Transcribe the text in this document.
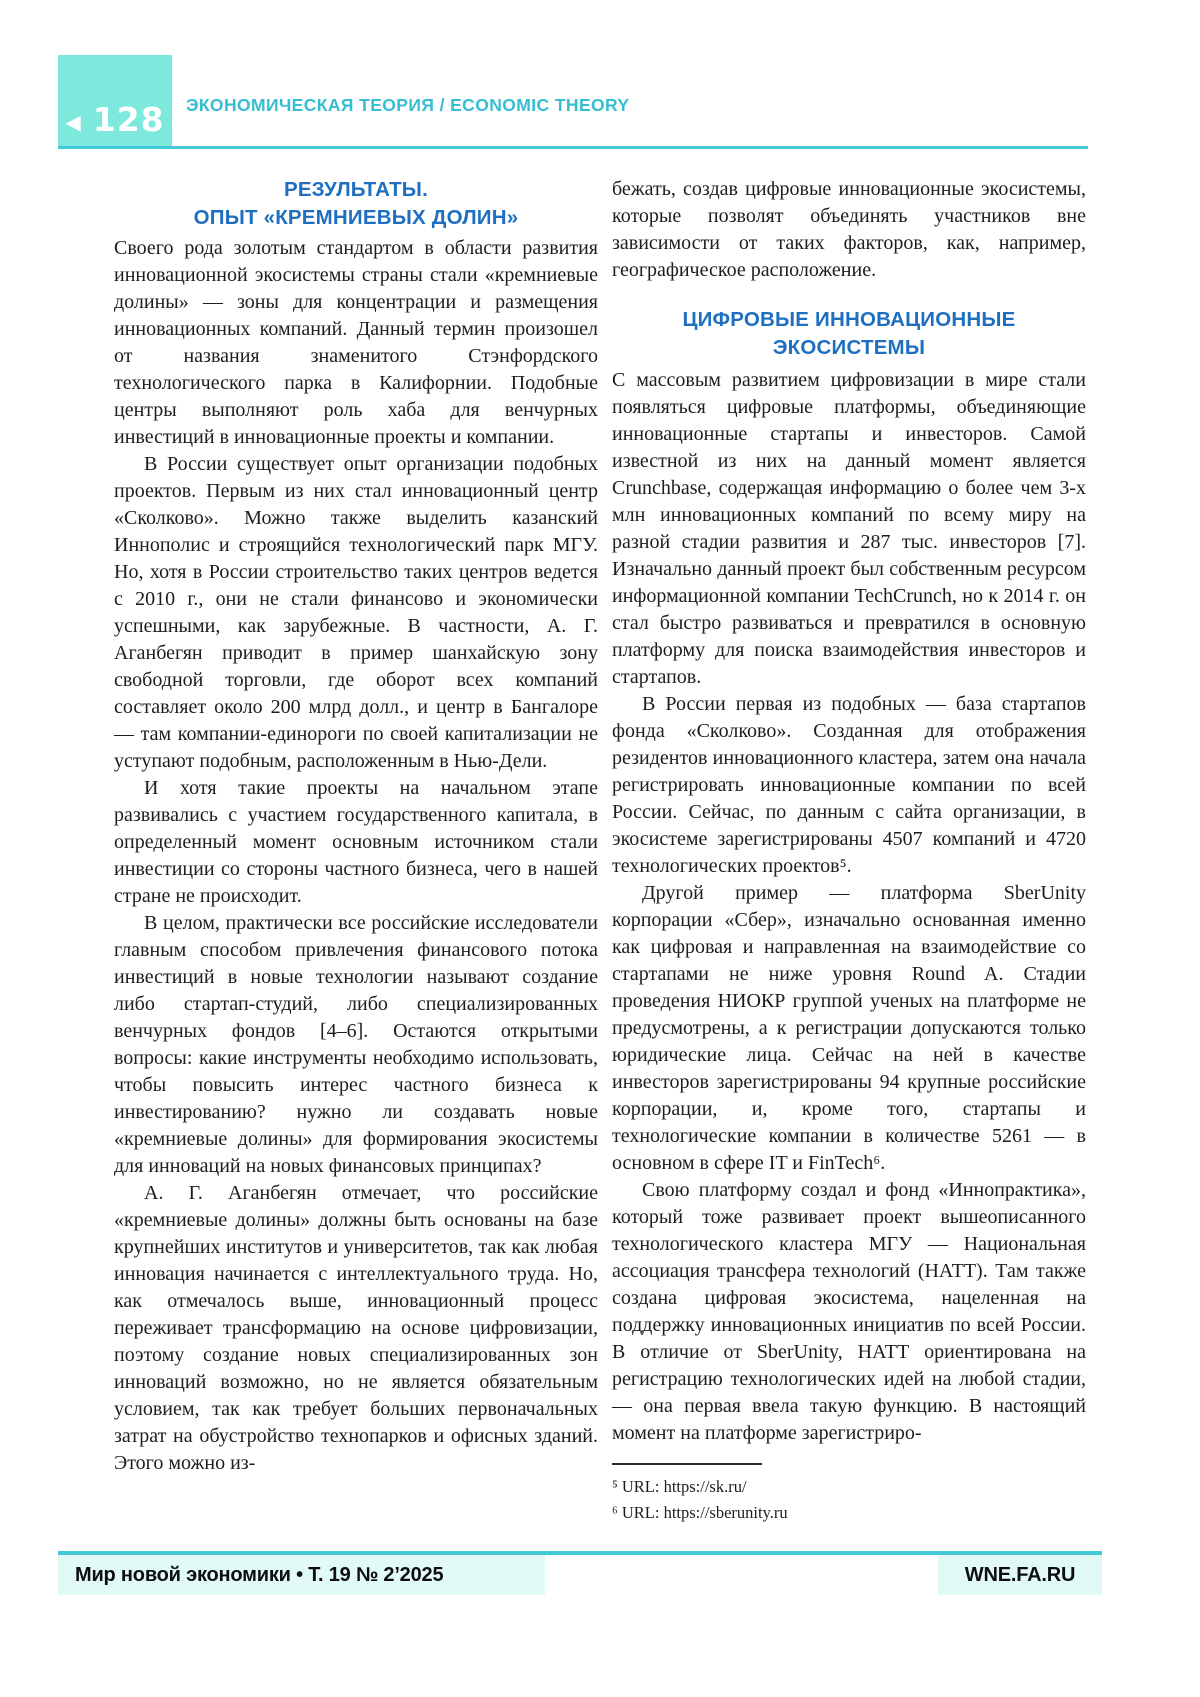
◀ 128 ЭКОНОМИЧЕСКАЯ ТЕОРИЯ / ECONOMIC THEORY
РЕЗУЛЬТАТЫ.
ОПЫТ «КРЕМНИЕВЫХ ДОЛИН»

Своего рода золотым стандартом в области развития инновационной экосистемы страны стали «кремниевые долины» — зоны для концентрации и размещения инновационных компаний. Данный термин произошел от названия знаменитого Стэнфордского технологического парка в Калифорнии. Подобные центры выполняют роль хаба для венчурных инвестиций в инновационные проекты и компании.

В России существует опыт организации подобных проектов. Первым из них стал инновационный центр «Сколково». Можно также выделить казанский Иннополис и строящийся технологический парк МГУ. Но, хотя в России строительство таких центров ведется с 2010 г., они не стали финансово и экономически успешными, как зарубежные. В частности, А. Г. Аганбегян приводит в пример шанхайскую зону свободной торговли, где оборот всех компаний составляет около 200 млрд долл., и центр в Бангалоре — там компании-единороги по своей капитализации не уступают подобным, расположенным в Нью-Дели.

И хотя такие проекты на начальном этапе развивались с участием государственного капитала, в определенный момент основным источником стали инвестиции со стороны частного бизнеса, чего в нашей стране не происходит.

В целом, практически все российские исследователи главным способом привлечения финансового потока инвестиций в новые технологии называют создание либо стартап-студий, либо специализированных венчурных фондов [4–6]. Остаются открытыми вопросы: какие инструменты необходимо использовать, чтобы повысить интерес частного бизнеса к инвестированию? нужно ли создавать новые «кремниевые долины» для формирования экосистемы для инноваций на новых финансовых принципах?

А. Г. Аганбегян отмечает, что российские «кремниевые долины» должны быть основаны на базе крупнейших институтов и университетов, так как любая инновация начинается с интеллектуального труда. Но, как отмечалось выше, инновационный процесс переживает трансформацию на основе цифровизации, поэтому создание новых специализированных зон инноваций возможно, но не является обязательным условием, так как требует больших первоначальных затрат на обустройство технопарков и офисных зданий. Этого можно из-

бежать, создав цифровые инновационные экосистемы, которые позволят объединять участников вне зависимости от таких факторов, как, например, географическое расположение.

ЦИФРОВЫЕ ИННОВАЦИОННЫЕ
ЭКОСИСТЕМЫ

С массовым развитием цифровизации в мире стали появляться цифровые платформы, объединяющие инновационные стартапы и инвесторов. Самой известной из них на данный момент является Crunchbase, содержащая информацию о более чем 3-х млн инновационных компаний по всему миру на разной стадии развития и 287 тыс. инвесторов [7]. Изначально данный проект был собственным ресурсом информационной компании TechCrunch, но к 2014 г. он стал быстро развиваться и превратился в основную платформу для поиска взаимодействия инвесторов и стартапов.

В России первая из подобных — база стартапов фонда «Сколково». Созданная для отображения резидентов инновационного кластера, затем она начала регистрировать инновационные компании по всей России. Сейчас, по данным с сайта организации, в экосистеме зарегистрированы 4507 компаний и 4720 технологических проектов⁵.

Другой пример — платформа SberUnity корпорации «Сбер», изначально основанная именно как цифровая и направленная на взаимодействие со стартапами не ниже уровня Round A. Стадии проведения НИОКР группой ученых на платформе не предусмотрены, а к регистрации допускаются только юридические лица. Сейчас на ней в качестве инвесторов зарегистрированы 94 крупные российские корпорации, и, кроме того, стартапы и технологические компании в количестве 5261 — в основном в сфере IT и FinTech⁶.

Свою платформу создал и фонд «Иннопрактика», который тоже развивает проект вышеописанного технологического кластера МГУ — Национальная ассоциация трансфера технологий (НАТТ). Там также создана цифровая экосистема, нацеленная на поддержку инновационных инициатив по всей России. В отличие от SberUnity, НАТТ ориентирована на регистрацию технологических идей на любой стадии,— она первая ввела такую функцию. В настоящий момент на платформе зарегистриро-

⁵ URL: https://sk.ru/

⁶ URL: https://sberunity.ru

Мир новой экономики • Т. 19 № 2’2025	WNE.FA.RU
